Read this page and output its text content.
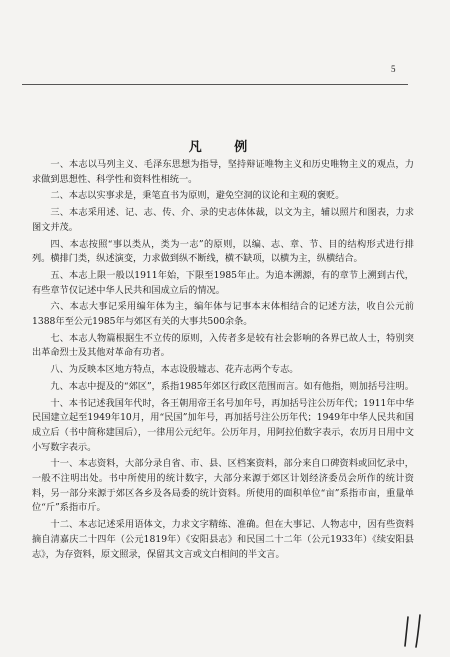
5
凡 例

一、本志以马列主义、毛泽东思想为指导，坚持辩证唯物主义和历史唯物主义的观点，力求做到思想性、科学性和资料性相统一。

二、本志以实事求是，秉笔直书为原则，避免空洞的议论和主观的褒贬。

三、本志采用述、记、志、传、介、录的史志体体裁，以文为主，辅以照片和图表，力求图文并茂。

四、本志按照“事以类从，类为一志”的原则，以编、志、章、节、目的结构形式进行排列。横排门类，纵述演变，力求做到纵不断线，横不缺项，以横为主，纵横结合。

五、本志上限一般以1911年始，下限至1985年止。为追本溯源，有的章节上溯到古代，有些章节仅记述中华人民共和国成立后的情况。

六、本志大事记采用编年体为主，编年体与记事本末体相结合的记述方法，收自公元前1388年至公元1985年与郊区有关的大事共500余条。

七、本志人物篇根据生不立传的原则，入传者多是较有社会影响的各界已故人士，特别突出革命烈士及其他对革命有功者。

八、为反映本区地方特点，本志设殷墟志、花卉志两个专志。

九、本志中提及的“郊区”，系指1985年郊区行政区范围而言。如有他指，则加括号注明。

十、本书记述我国年代时，各王朝用帝王名号加年号，再加括号注公历年代；1911年中华民国建立起至1949年10月，用“民国”加年号，再加括号注公历年代；1949年中华人民共和国成立后（书中简称建国后），一律用公元纪年。公历年月，用阿拉伯数字表示，农历月日用中文小写数字表示。

十一、本志资料，大部分录自省、市、县、区档案资料，部分来自口碑资料或回忆录中，一般不注明出处。书中所使用的统计数字，大部分来源于郊区计划经济委员会所作的统计资料，另一部分来源于郊区各乡及各局委的统计资料。所使用的面积单位“亩”系指市亩，重量单位“斤”系指市斤。

十二、本志记述采用语体文，力求文字精练、准确。但在大事记、人物志中，因有些资料摘自清嘉庆二十四年（公元1819年）《安阳县志》和民国二十二年（公元1933年）《续安阳县志》，为存资料，原文照录，保留其文言或文白相间的半文言。
